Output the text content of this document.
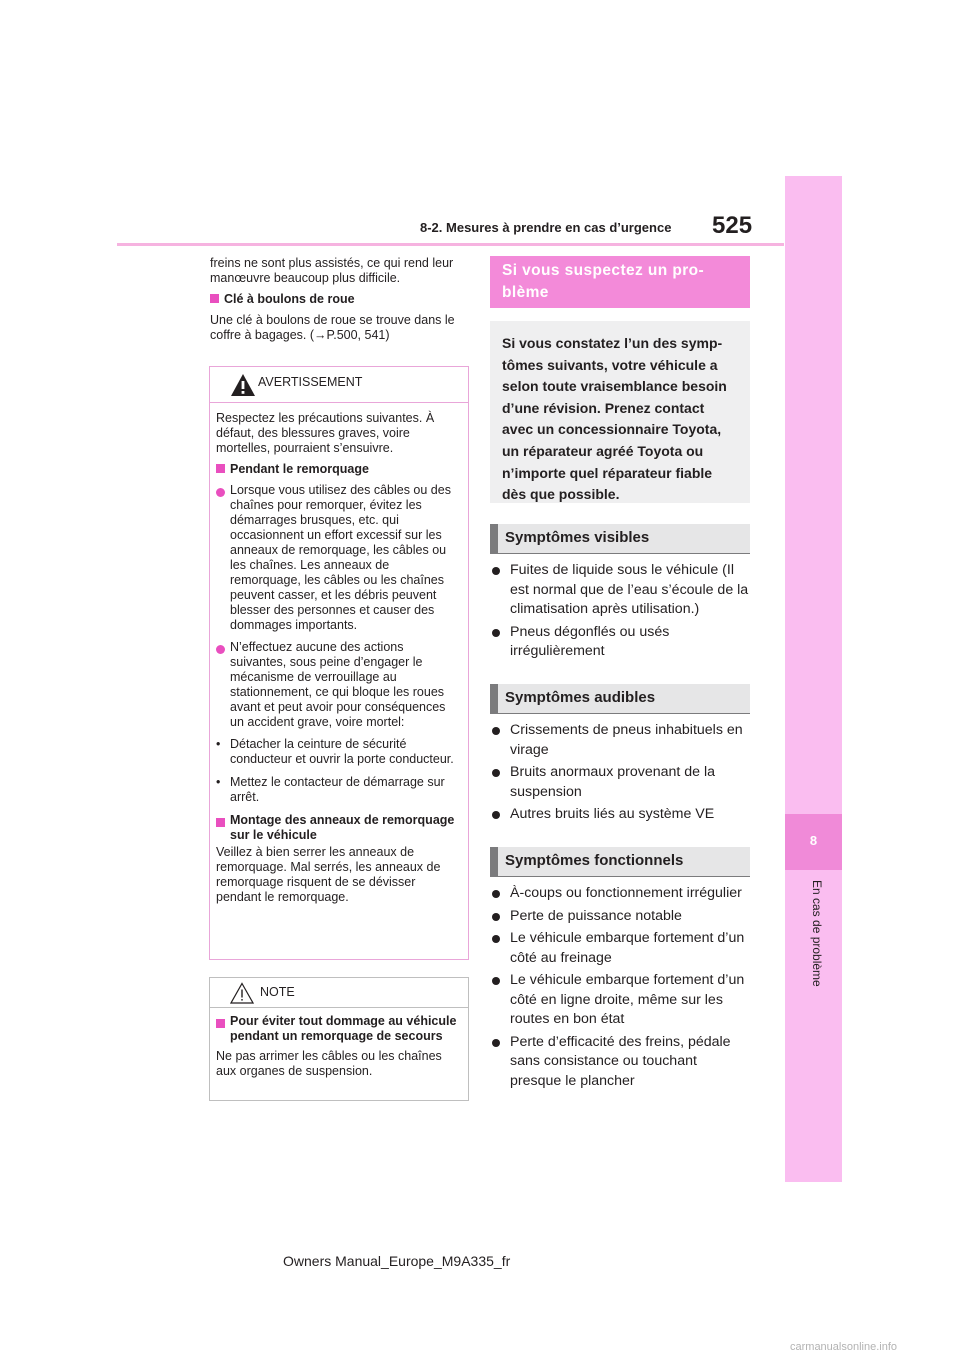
8-2. Mesures à prendre en cas d’urgence 525
8
En cas de problème

freins ne sont plus assistés, ce qui rend leur manœuvre beaucoup plus difficile.

Clé à boulons de roue

Une clé à boulons de roue se trouve dans le coffre à bagages. (→P.500, 541)

AVERTISSEMENT

Respectez les précautions suivantes. À défaut, des blessures graves, voire mortelles, pourraient s’ensuivre.

Pendant le remorquage

Lorsque vous utilisez des câbles ou des chaînes pour remorquer, évitez les démarrages brusques, etc. qui occasionnent un effort excessif sur les anneaux de remorquage, les câbles ou les chaînes. Les anneaux de remorquage, les câbles ou les chaînes peuvent casser, et les débris peuvent blesser des personnes et causer des dommages importants.
N’effectuez aucune des actions suivantes, sous peine d’engager le mécanisme de verrouillage au stationnement, ce qui bloque les roues avant et peut avoir pour conséquences un accident grave, voire mortel:
• Détacher la ceinture de sécurité conducteur et ouvrir la porte conducteur.
• Mettez le contacteur de démarrage sur arrêt.

Montage des anneaux de remorquage sur le véhicule

Veillez à bien serrer les anneaux de remorquage. Mal serrés, les anneaux de remorquage risquent de se dévisser pendant le remorquage.

NOTE

Pour éviter tout dommage au véhicule pendant un remorquage de secours

Ne pas arrimer les câbles ou les chaînes aux organes de suspension.

Si vous suspectez un pro-
blème
Si vous constatez l’un des symp-
tômes suivants, votre véhicule a
selon toute vraisemblance besoin
d’une révision. Prenez contact
avec un concessionnaire Toyota,
un réparateur agréé Toyota ou
n’importe quel réparateur fiable
dès que possible.
Symptômes visibles
Fuites de liquide sous le véhicule (Il est normal que de l’eau s’écoule de la climatisation après utilisation.)
Pneus dégonflés ou usés irrégulièrement
Symptômes audibles
Crissements de pneus inhabituels en virage
Bruits anormaux provenant de la suspension
Autres bruits liés au système VE
Symptômes fonctionnels
À-coups ou fonctionnement irrégulier
Perte de puissance notable
Le véhicule embarque fortement d’un côté au freinage
Le véhicule embarque fortement d’un côté en ligne droite, même sur les routes en bon état
Perte d’efficacité des freins, pédale sans consistance ou touchant presque le plancher
Owners Manual_Europe_M9A335_fr
carmanualsonline.info
